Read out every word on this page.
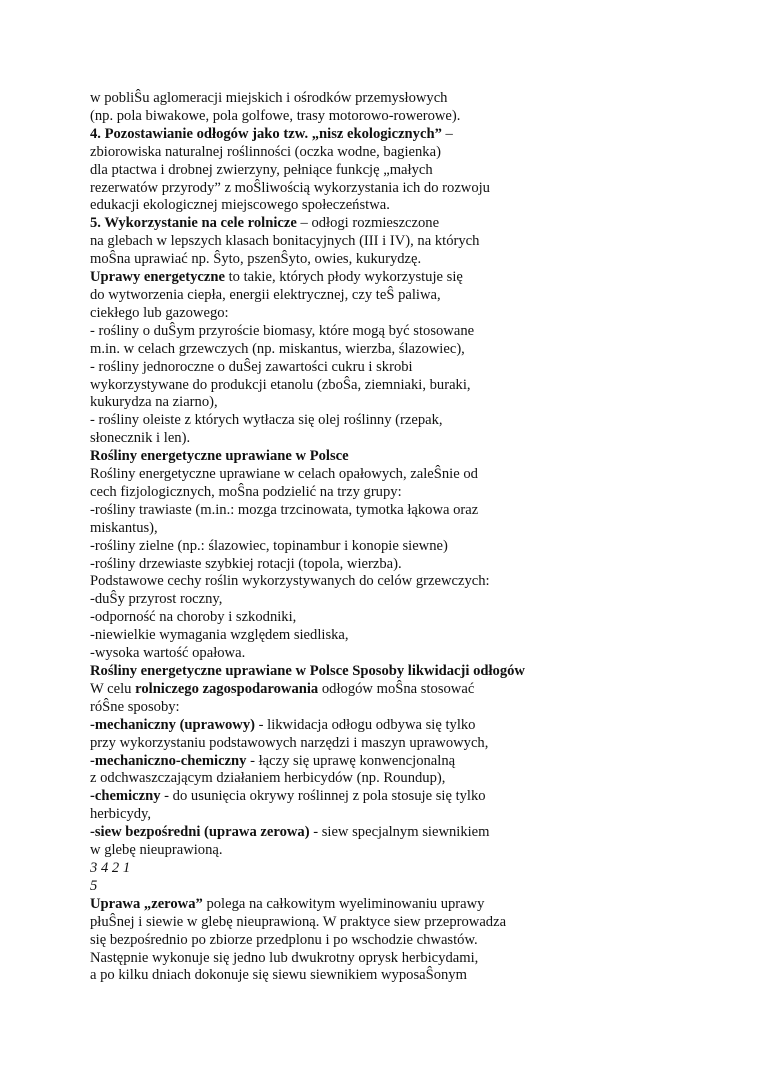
w pobliŜu aglomeracji miejskich i ośrodków przemysłowych
(np. pola biwakowe, pola golfowe, trasy motorowo-rowerowe).
4. Pozostawianie odłogów jako tzw. „nisz ekologicznych” –
zbiorowiska naturalnej roślinności (oczka wodne, bagienka)
dla ptactwa i drobnej zwierzyny, pełniące funkcję „małych
rezerwatów przyrody” z moŜliwością wykorzystania ich do rozwoju
edukacji ekologicznej miejscowego społeczeństwa.
5. Wykorzystanie na cele rolnicze – odłogi rozmieszczone
na glebach w lepszych klasach bonitacyjnych (III i IV), na których
moŜna uprawiać np. Ŝyto, pszenŜyto, owies, kukurydzę.
Uprawy energetyczne to takie, których płody wykorzystuje się
do wytworzenia ciepła, energii elektrycznej, czy teŜ paliwa,
ciekłego lub gazowego:
- rośliny o duŜym przyroście biomasy, które mogą być stosowane
m.in. w celach grzewczych (np. miskantus, wierzba, ślazowiec),
- rośliny jednoroczne o duŜej zawartości cukru i skrobi
wykorzystywane do produkcji etanolu (zboŜa, ziemniaki, buraki,
kukurydza na ziarno),
- rośliny oleiste z których wytłacza się olej roślinny (rzepak,
słonecznik i len).
Rośliny energetyczne uprawiane w Polsce
Rośliny energetyczne uprawiane w celach opałowych, zaleŜnie od
cech fizjologicznych, moŜna podzielić na trzy grupy:
-rośliny trawiaste (m.in.: mozga trzcinowata, tymotka łąkowa oraz
miskantus),
-rośliny zielne (np.: ślazowiec, topinambur i konopie siewne)
-rośliny drzewiaste szybkiej rotacji (topola, wierzba).
Podstawowe cechy roślin wykorzystywanych do celów grzewczych:
-duŜy przyrost roczny,
-odporność na choroby i szkodniki,
-niewielkie wymagania względem siedliska,
-wysoka wartość opałowa.
Rośliny energetyczne uprawiane w Polsce Sposoby likwidacji odłogów
W celu rolniczego zagospodarowania odłogów moŜna stosować
róŜne sposoby:
-mechaniczny (uprawowy) - likwidacja odłogu odbywa się tylko
przy wykorzystaniu podstawowych narzędzi i maszyn uprawowych,
-mechaniczno-chemiczny - łączy się uprawę konwencjonalną
z odchwaszczającym działaniem herbicydów (np. Roundup),
-chemiczny - do usunięcia okrywy roślinnej z pola stosuje się tylko
herbicydy,
-siew bezpośredni (uprawa zerowa) - siew specjalnym siewnikiem
w glebę nieuprawioną.
3 4 2 1
5
Uprawa „zerowa” polega na całkowitym wyeliminowaniu uprawy
płuŜnej i siewie w glebę nieuprawioną. W praktyce siew przeprowadza
się bezpośrednio po zbiorze przedplonu i po wschodzie chwastów.
Następnie wykonuje się jedno lub dwukrotny oprysk herbicydami,
a po kilku dniach dokonuje się siewu siewnikiem wyposaŜonym
